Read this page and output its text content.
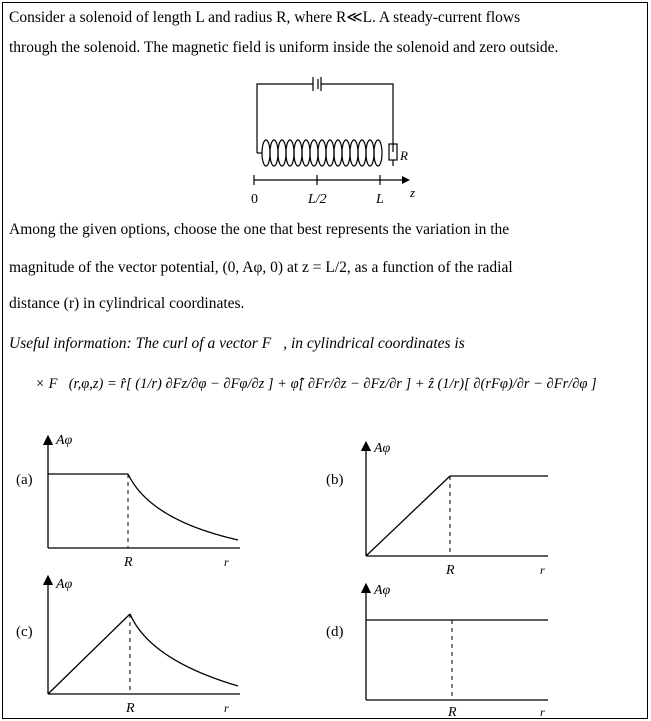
Consider a solenoid of length L and radius R, where R≪L. A steady-current flows
through the solenoid. The magnetic field is uniform inside the solenoid and zero outside.
0	L/2	L z
R
Among the given options, choose the one that best represents the variation in the
magnitude of the vector potential, (0, Aφ, 0) at z = L/2, as a function of the radial
distance (r) in cylindrical coordinates.
Useful information: The curl of a vector F⃗, in cylindrical coordinates is
∇⃗ × F⃗(r,φ,z) = r̂[ (1/r) ∂Fz/∂φ − ∂Fφ/∂z ] + φ̂[ ∂Fr/∂z − ∂Fz/∂r ] + ẑ (1/r)[ ∂(rFφ)/∂r − ∂Fr/∂φ ]
(a)
Aφ
R	r
(b)
Aφ
R	r
(c)
Aφ
R	r
(d)
Aφ
R	r
